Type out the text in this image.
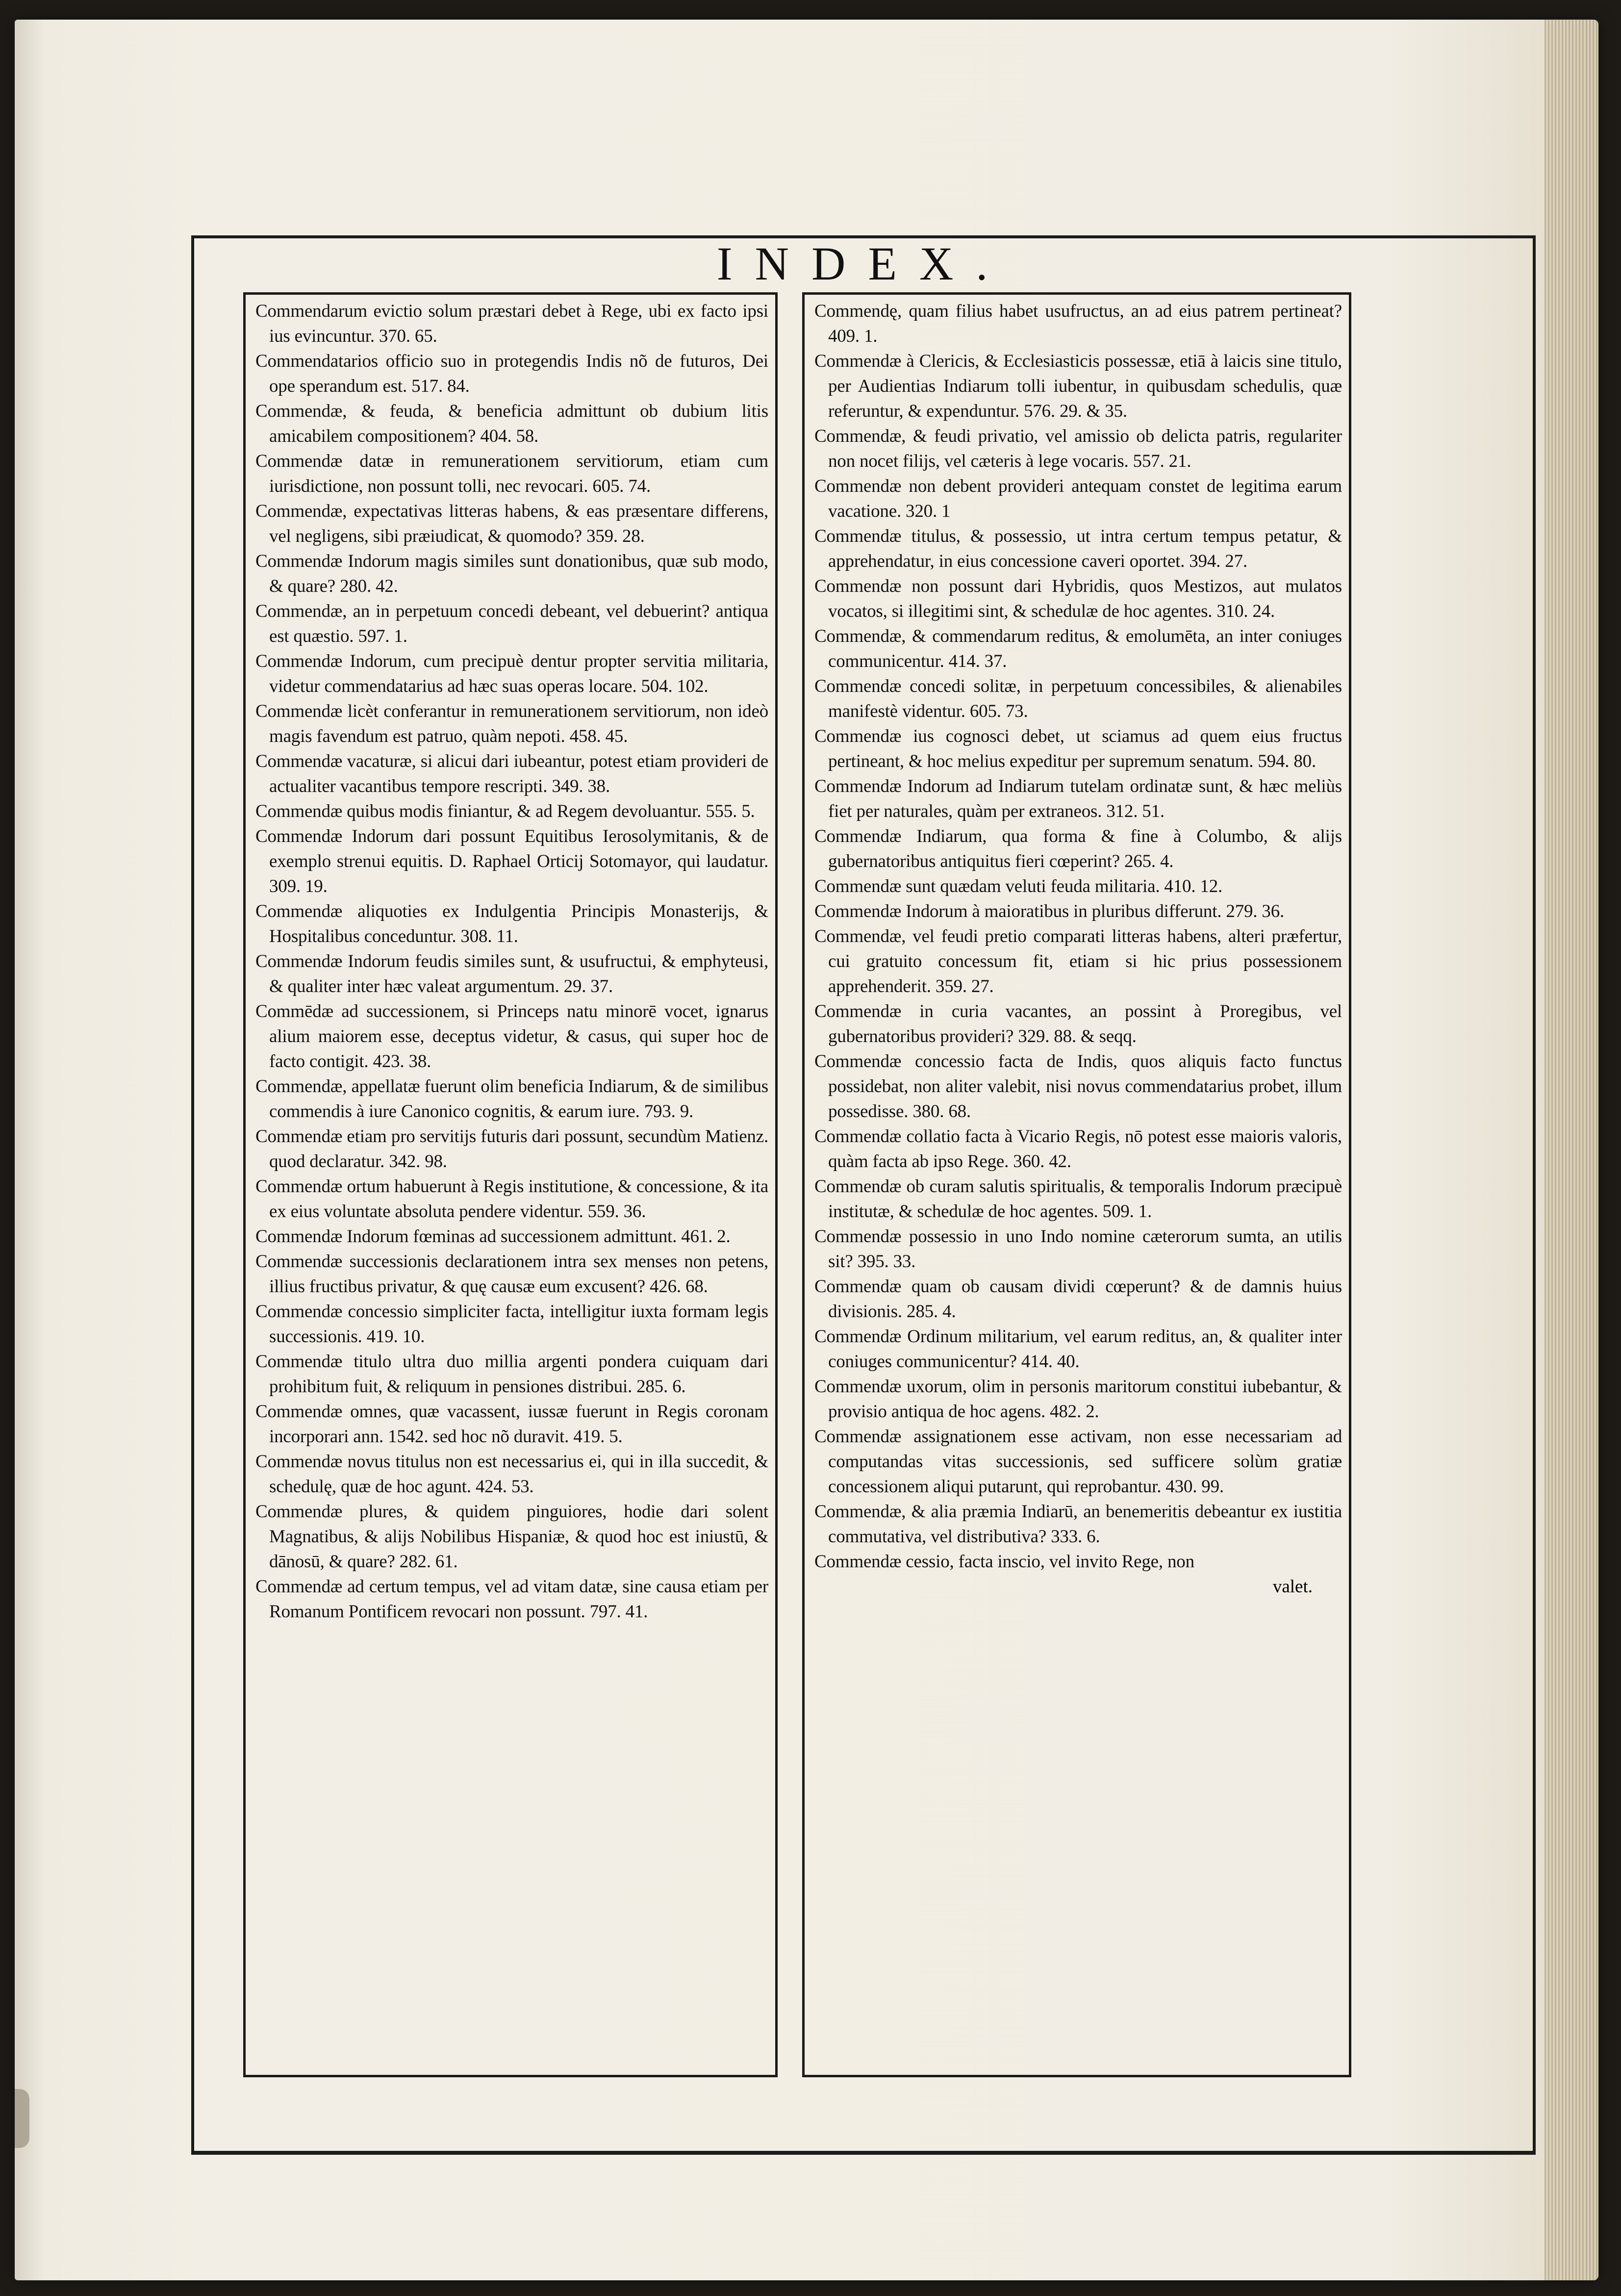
INDEX.
Commendarum evictio solum præstari debet à Rege, ubi ex facto ipsi ius evincuntur. 370. 65.
Commendatarios officio suo in protegendis Indis nõ de futuros, Dei ope sperandum est. 517. 84.
Commendæ, & feuda, & beneficia admittunt ob dubium litis amicabilem compositionem? 404. 58.
Commendæ datæ in remunerationem servitiorum, etiam cum iurisdictione, non possunt tolli, nec revocari. 605. 74.
Commendæ, expectativas litteras habens, & eas præsentare differens, vel negligens, sibi præiudicat, & quomodo? 359. 28.
Commendæ Indorum magis similes sunt donationibus, quæ sub modo, & quare? 280. 42.
Commendæ, an in perpetuum concedi debeant, vel debuerint? antiqua est quæstio. 597. 1.
Commendæ Indorum, cum precipuè dentur propter servitia militaria, videtur commendatarius ad hæc suas operas locare. 504. 102.
Commendæ licèt conferantur in remunerationem servitiorum, non ideò magis favendum est patruo, quàm nepoti. 458. 45.
Commendæ vacaturæ, si alicui dari iubeantur, potest etiam provideri de actualiter vacantibus tempore rescripti. 349. 38.
Commendæ quibus modis finiantur, & ad Regem devoluantur. 555. 5.
Commendæ Indorum dari possunt Equitibus Ierosolymitanis, & de exemplo strenui equitis. D. Raphael Orticij Sotomayor, qui laudatur. 309. 19.
Commendæ aliquoties ex Indulgentia Principis Monasterijs, & Hospitalibus conceduntur. 308. 11.
Commendæ Indorum feudis similes sunt, & usufructui, & emphyteusi, & qualiter inter hæc valeat argumentum. 29. 37.
Commēdæ ad successionem, si Princeps natu minorē vocet, ignarus alium maiorem esse, deceptus videtur, & casus, qui super hoc de facto contigit. 423. 38.
Commendæ, appellatæ fuerunt olim beneficia Indiarum, & de similibus commendis à iure Canonico cognitis, & earum iure. 793. 9.
Commendæ etiam pro servitijs futuris dari possunt, secundùm Matienz. quod declaratur. 342. 98.
Commendæ ortum habuerunt à Regis institutione, & concessione, & ita ex eius voluntate absoluta pendere videntur. 559. 36.
Commendæ Indorum fœminas ad successionem admittunt. 461. 2.
Commendæ successionis declarationem intra sex menses non petens, illius fructibus privatur, & quę causæ eum excusent? 426. 68.
Commendæ concessio simpliciter facta, intelligitur iuxta formam legis successionis. 419. 10.
Commendæ titulo ultra duo millia argenti pondera cuiquam dari prohibitum fuit, & reliquum in pensiones distribui. 285. 6.
Commendæ omnes, quæ vacassent, iussæ fuerunt in Regis coronam incorporari ann. 1542. sed hoc nõ duravit. 419. 5.
Commendæ novus titulus non est necessarius ei, qui in illa succedit, & schedulę, quæ de hoc agunt. 424. 53.
Commendæ plures, & quidem pinguiores, hodie dari solent Magnatibus, & alijs Nobilibus Hispaniæ, & quod hoc est iniustū, & dānosū, & quare? 282. 61.
Commendæ ad certum tempus, vel ad vitam datæ, sine causa etiam per Romanum Pontificem revocari non possunt. 797. 41.
Commendę, quam filius habet usufructus, an ad eius patrem pertineat? 409. 1.
Commendæ à Clericis, & Ecclesiasticis possessæ, etiā à laicis sine titulo, per Audientias Indiarum tolli iubentur, in quibusdam schedulis, quæ referuntur, & expenduntur. 576. 29. & 35.
Commendæ, & feudi privatio, vel amissio ob delicta patris, regulariter non nocet filijs, vel cæteris à lege vocaris. 557. 21.
Commendæ non debent provideri antequam constet de legitima earum vacatione. 320. 1
Commendæ titulus, & possessio, ut intra certum tempus petatur, & apprehendatur, in eius concessione caveri oportet. 394. 27.
Commendæ non possunt dari Hybridis, quos Mestizos, aut mulatos vocatos, si illegitimi sint, & schedulæ de hoc agentes. 310. 24.
Commendæ, & commendarum reditus, & emolumēta, an inter coniuges communicentur. 414. 37.
Commendæ concedi solitæ, in perpetuum concessibiles, & alienabiles manifestè videntur. 605. 73.
Commendæ ius cognosci debet, ut sciamus ad quem eius fructus pertineant, & hoc melius expeditur per supremum senatum. 594. 80.
Commendæ Indorum ad Indiarum tutelam ordinatæ sunt, & hæc meliùs fiet per naturales, quàm per extraneos. 312. 51.
Commendæ Indiarum, qua forma & fine à Columbo, & alijs gubernatoribus antiquitus fieri cœperint? 265. 4.
Commendæ sunt quædam veluti feuda militaria. 410. 12.
Commendæ Indorum à maioratibus in pluribus differunt. 279. 36.
Commendæ, vel feudi pretio comparati litteras habens, alteri præfertur, cui gratuito concessum fit, etiam si hic prius possessionem apprehenderit. 359. 27.
Commendæ in curia vacantes, an possint à Proregibus, vel gubernatoribus provideri? 329. 88. & seqq.
Commendæ concessio facta de Indis, quos aliquis facto functus possidebat, non aliter valebit, nisi novus commendatarius probet, illum possedisse. 380. 68.
Commendæ collatio facta à Vicario Regis, nō potest esse maioris valoris, quàm facta ab ipso Rege. 360. 42.
Commendæ ob curam salutis spiritualis, & temporalis Indorum præcipuè institutæ, & schedulæ de hoc agentes. 509. 1.
Commendæ possessio in uno Indo nomine cæterorum sumta, an utilis sit? 395. 33.
Commendæ quam ob causam dividi cœperunt? & de damnis huius divisionis. 285. 4.
Commendæ Ordinum militarium, vel earum reditus, an, & qualiter inter coniuges communicentur? 414. 40.
Commendæ uxorum, olim in personis maritorum constitui iubebantur, & provisio antiqua de hoc agens. 482. 2.
Commendæ assignationem esse activam, non esse necessariam ad computandas vitas successionis, sed sufficere solùm gratiæ concessionem aliqui putarunt, qui reprobantur. 430. 99.
Commendæ, & alia præmia Indiarū, an benemeritis debeantur ex iustitia commutativa, vel distributiva? 333. 6.
Commendæ cessio, facta inscio, vel invito Rege, non
valet.
